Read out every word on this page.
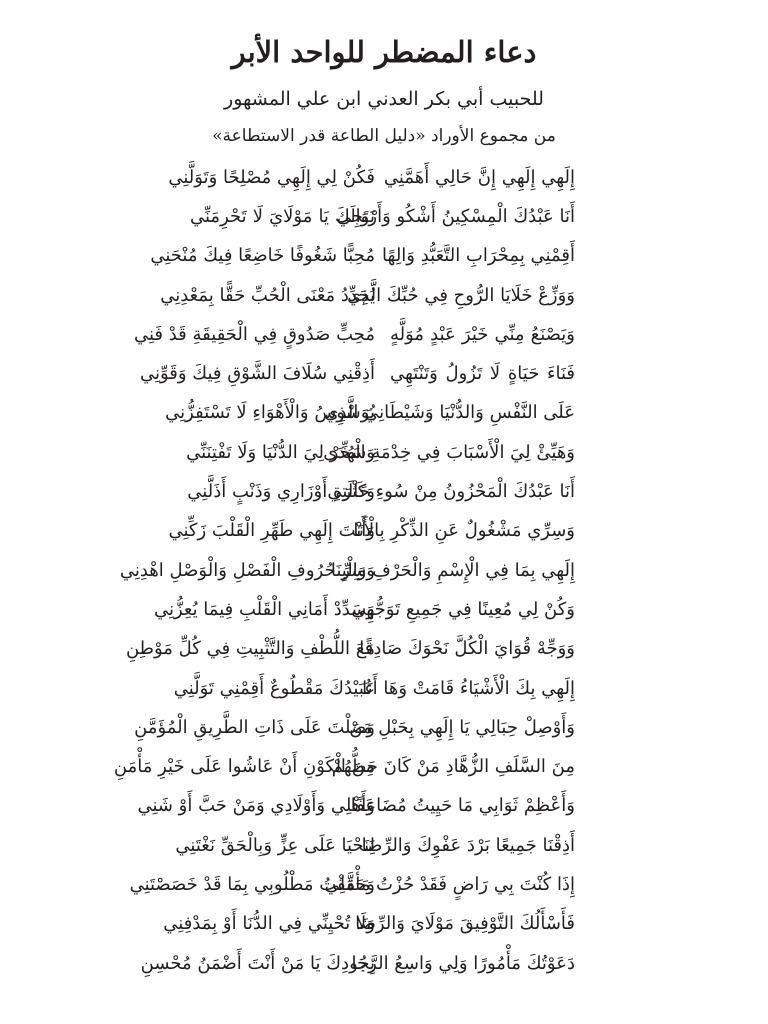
دعاء المضطر للواحد الأبر
للحبيب أبي بكر العدني ابن علي المشهور
من مجموع الأوراد «دليل الطاعة قدر الاستطاعة»
إِلَهِي إِلَهِي إِنَّ حَالِي أَهَمَّنِي
فَكُنْ لِي إِلَهِي مُصْلِحًا وَتَوَلَّنِي
أَنَا عَبْدُكَ الْمِسْكِينُ أَشْكُو وَأَرْتَجِي
نَوَالَكَ يَا مَوْلَايَ لَا تَحْرِمَنِّي
أَقِمْنِي بِمِحْرَابِ التَّعَبُّدِ وَالِهًا
مُحِبًّا شَغُوفًا خَاضِعًا فِيكَ مُنْحَنِي
وَوَزِّعْ خَلَايَا الرُّوحِ فِي حُبِّكَ الَّذِي
يُجَدِّدُ مَعْنَى الْحُبِّ حَقًّا بِمَعْدِنِي
وَيَصْنَعُ مِنِّي خَيْرَ عَبْدٍ مُوَلَّهٍ
مُحِبٍّ صَدُوقٍ فِي الْحَقِيقَةِ قَدْ فَنِي
فَنَاءَ حَيَاةٍ لَا تَزُولُ وَتَنْتَهِي
أَذِقْنِي سُلَافَ الشَّوْقِ فِيكَ وَقَوِّنِي
عَلَى النَّفْسِ وَالدُّنْيَا وَشَيْطَانِيَ الَّذِي
يُوَسْوِسُ وَالْأَهْوَاءِ لَا تَسْتَفِزُّنِي
وَهَيِّئْ لِيَ الْأَسْبَابَ فِي خِدْمَةِ الْهُدَى
وَسَخِّرْ لِيَ الدُّنْيَا وَلَا تَفْتِنَنِّي
أَنَا عَبْدُكَ الْمَحْزُونُ مِنْ سُوءِ حَالَتِي
وَكَثْرَةِ أَوْزَارِي وَذَنْبٍ أَذَلَّنِي
وَسِرِّي مَشْغُولٌ عَنِ الذِّكْرِ بِالْأَنَا
وَأَنْتَ إِلَهِي طَهِّرِ الْقَلْبَ زَكِّنِي
إِلَهِي بِمَا فِي الْإِسْمِ وَالْحَرْفِ وَالْبِنَا
وَسِرِّ حُرُوفِ الْفَصْلِ وَالْوَصْلِ اهْدِنِي
وَكُنْ لِي مُعِينًا فِي جَمِيعِ تَوَجُّهِي
وَسَدِّدْ أَمَانِي الْقَلْبِ فِيمَا يُعِزُّنِي
وَوَجِّهْ قُوَايَ الْكُلَّ نَحْوَكَ صَادِقًا
مَعَ اللُّطْفِ وَالتَّثْبِيتِ فِي كُلِّ مَوْطِنِ
إِلَهِي بِكَ الْأَشْيَاءُ قَامَتْ وَهَا أَنَا
عُبَيْدُكَ مَقْطُوعٌ أَقِمْنِي تَوَلَّنِي
وَأَوْصِلْ حِبَالِي يَا إِلَهِي بِحَبْلِ مَنْ
وَصَلْتَ عَلَى ذَاتِ الطَّرِيقِ الْمُؤَمَّنِ
مِنَ السَّلَفِ الزُّهَّادِ مَنْ كَانَ حَظُّهُمْ
مِنَ الْكَوْنِ أَنْ عَاشُوا عَلَى خَيْرِ مَأْمَنِ
وَأَعْظِمْ ثَوَابِي مَا حَيِيتُ مُضَاعَفًا
وَأَهْلِي وَأَوْلَادِي وَمَنْ حَبَّ أَوْ شَنِي
أَذِقْنَا جَمِيعًا بَرْدَ عَفْوِكَ وَالرِّضَا
لِنَحْيَا عَلَى عِزٍّ وَبِالْحَقِّ نَغْتَنِي
إِذَا كُنْتَ بِي رَاضٍ فَقَدْ حُزْتُ مَأْمَلِي
وَحَقَّقْتُ مَطْلُوبِي بِمَا قَدْ خَصَصْتَنِي
فَأَسْأَلُكَ التَّوْفِيقَ مَوْلَايَ وَالرِّضَا
وَلَا تُحْيِنِّي فِي الدُّنَا أَوْ بِمَدْفِنِي
دَعَوْتُكَ مَأْمُورًا وَلِي وَاسِعُ الرَّجَا
بِجُودِكَ يَا مَنْ أَنْتَ أَضْمَنُ مُحْسِنِ
